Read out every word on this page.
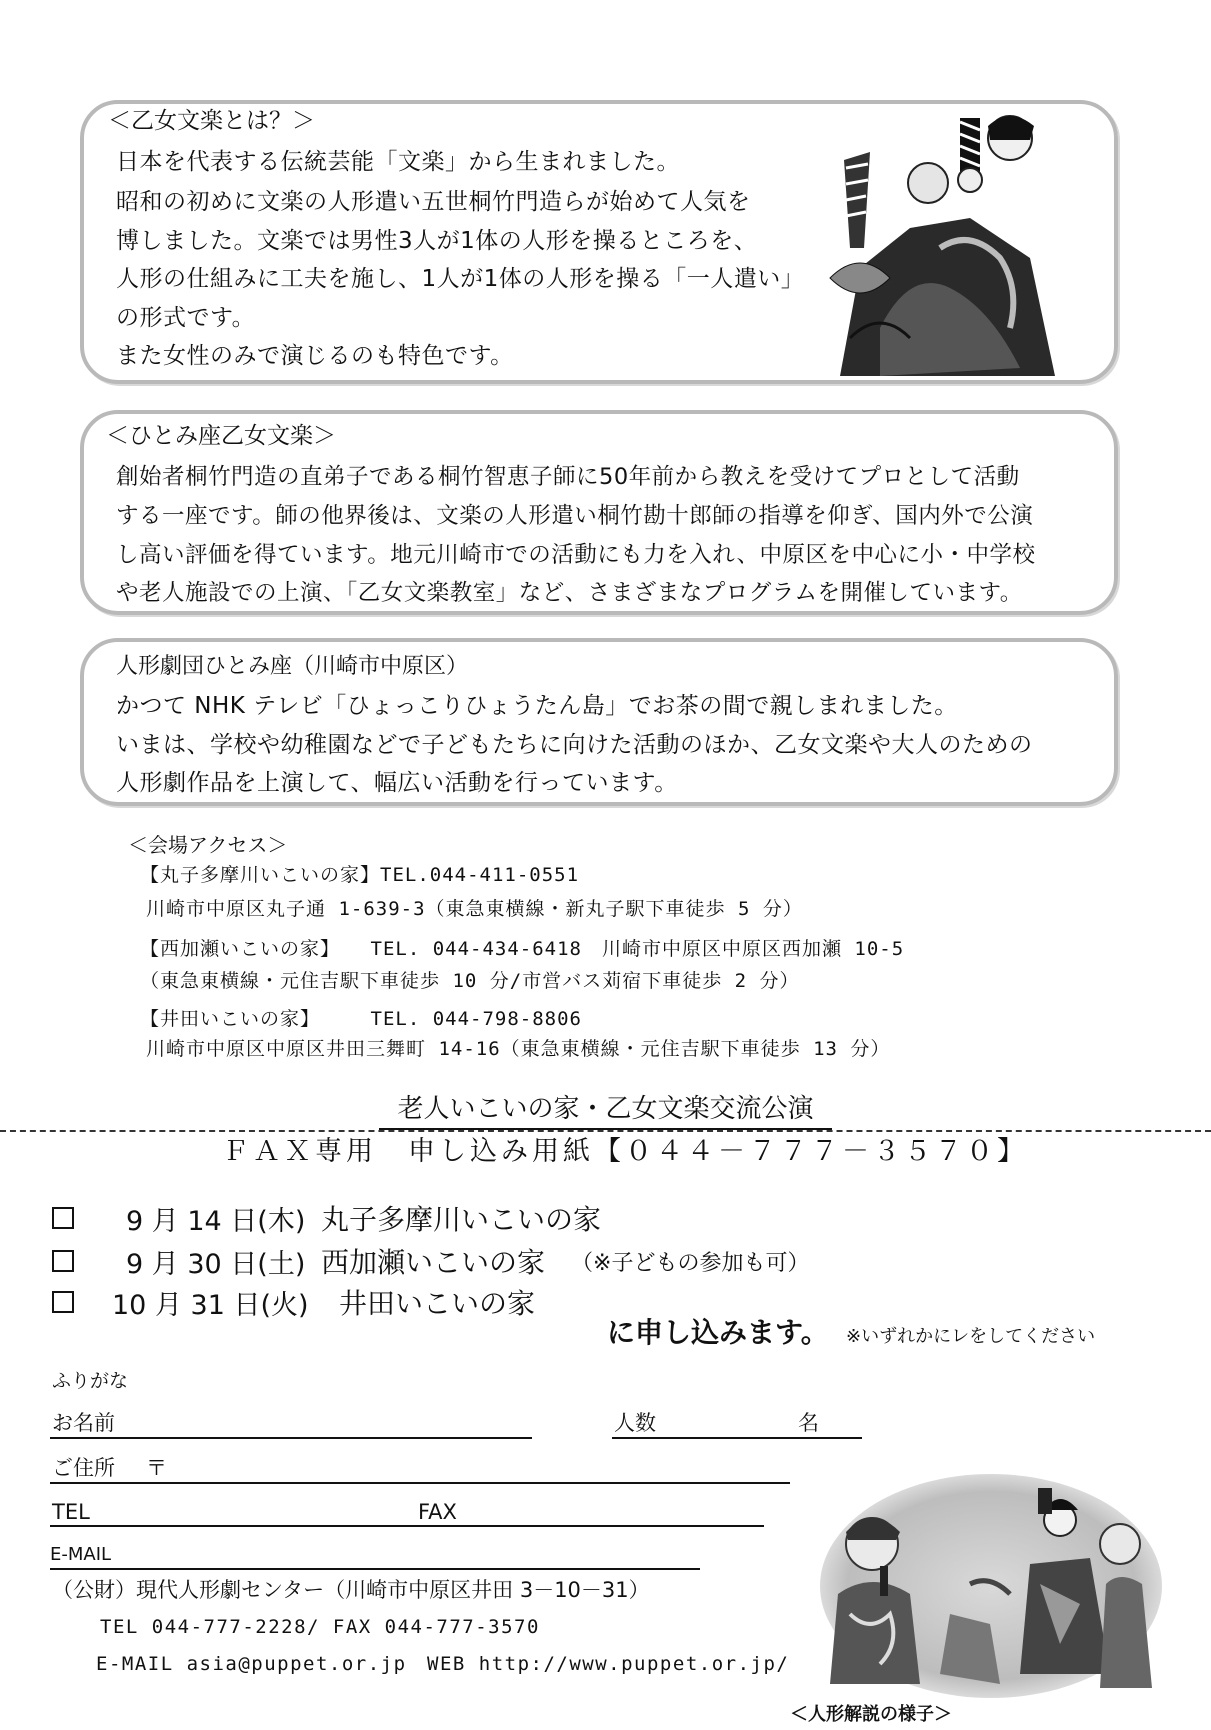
＜乙女文楽とは？＞
日本を代表する伝統芸能「文楽」から生まれました。
昭和の初めに文楽の人形遣い五世桐竹門造らが始めて人気を
博しました。文楽では男性3人が1体の人形を操るところを、
人形の仕組みに工夫を施し、1人が1体の人形を操る「一人遣い」
の形式です。
また女性のみで演じるのも特色です。
＜ひとみ座乙女文楽＞
創始者桐竹門造の直弟子である桐竹智恵子師に50年前から教えを受けてプロとして活動
する一座です。師の他界後は、文楽の人形遣い桐竹勘十郎師の指導を仰ぎ、国内外で公演
し高い評価を得ています。地元川崎市での活動にも力を入れ、中原区を中心に小・中学校
や老人施設での上演、「乙女文楽教室」など、さまざまなプログラムを開催しています。
人形劇団ひとみ座（川崎市中原区）
かつて NHK テレビ「ひょっこりひょうたん島」でお茶の間で親しまれました。
いまは、学校や幼稚園などで子どもたちに向けた活動のほか、乙女文楽や大人のための
人形劇作品を上演して、幅広い活動を行っています。
＜会場アクセス＞
【丸子多摩川いこいの家】TEL.044-411-0551
川崎市中原区丸子通 1-639-3（東急東横線・新丸子駅下車徒歩 5 分）
【西加瀬いこいの家】　　TEL. 044-434-6418　川崎市中原区中原区西加瀬 10-5
（東急東横線・元住吉駅下車徒歩 10 分/市営バス苅宿下車徒歩 2 分）
【井田いこいの家】　　　TEL. 044-798-8806
川崎市中原区中原区井田三舞町 14-16（東急東横線・元住吉駅下車徒歩 13 分）
老人いこいの家・乙女文楽交流公演
ＦＡＸ専用　申し込み用紙【０４４－７７７－３５７０】
9 月 14 日(木) 丸子多摩川いこいの家
9 月 30 日(土) 西加瀬いこいの家 （※子どもの参加も可）
10 月 31 日(火)	井田いこいの家
に申し込みます。 ※いずれかにレをしてください
ふりがな
お名前	人数	名
ご住所 〒
TEL	FAX
E-MAIL
（公財）現代人形劇センター（川崎市中原区井田 3－10－31）
TEL 044-777-2228/ FAX 044-777-3570
E-MAIL asia@puppet.or.jp　WEB http://www.puppet.or.jp/
＜人形解説の様子＞
